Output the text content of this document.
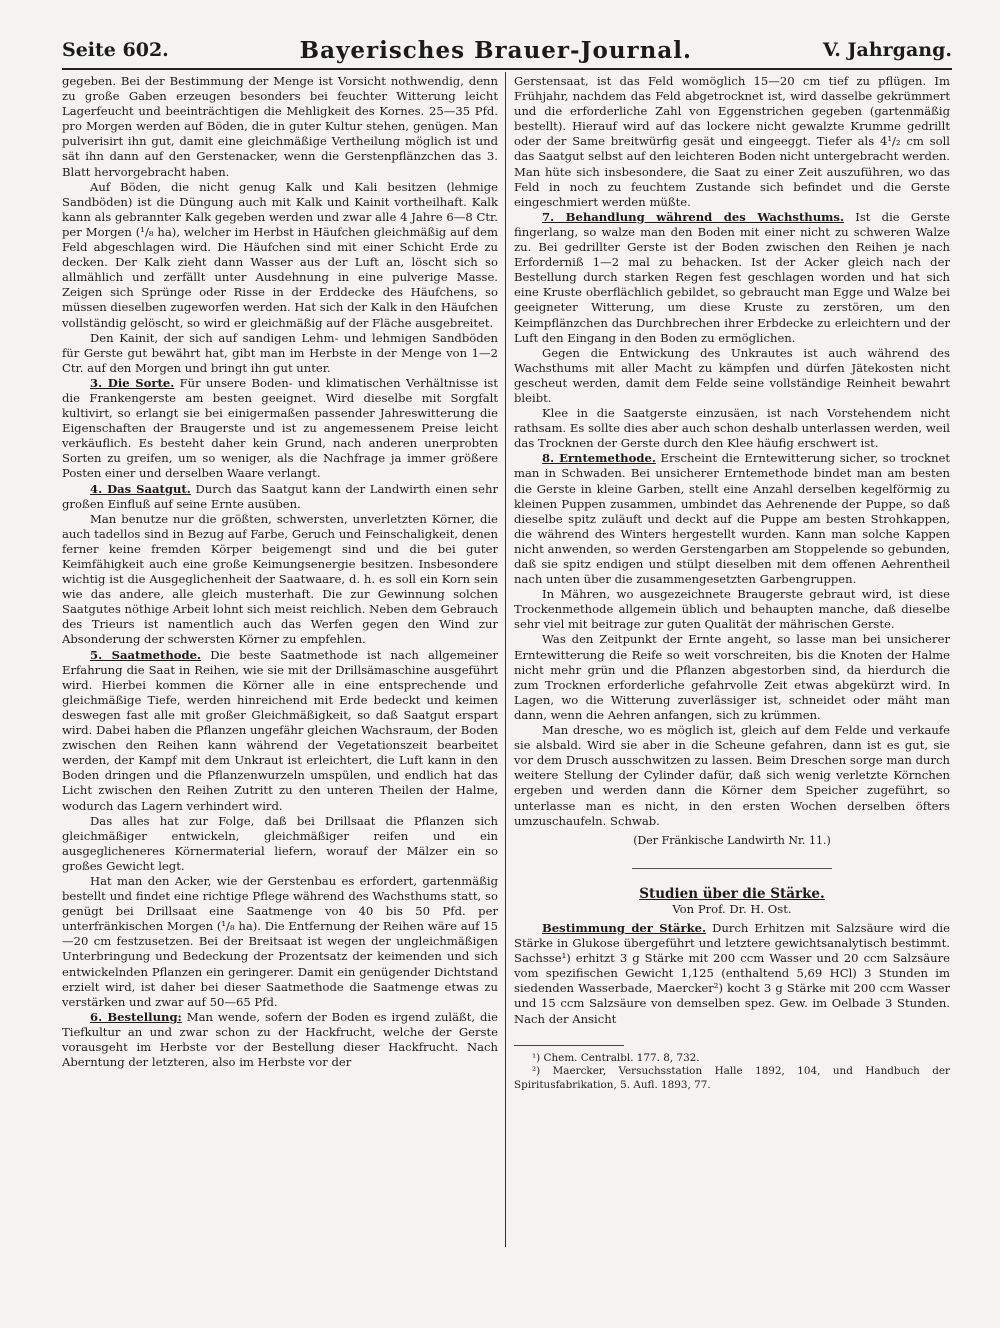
Seite 602.	Bayerisches Brauer-Journal.	V. Jahrgang.

gegeben. Bei der Bestimmung der Menge ist Vorsicht nothwendig, denn zu große Gaben erzeugen besonders bei feuchter Witterung leicht Lagerfeucht und beeinträchtigen die Mehligkeit des Kornes. 25—35 Pfd. pro Morgen werden auf Böden, die in guter Kultur stehen, genügen. Man pulverisirt ihn gut, damit eine gleichmäßige Vertheilung möglich ist und sät ihn dann auf den Gerstenacker, wenn die Gerstenpflänzchen das 3. Blatt hervorgebracht haben.

Auf Böden, die nicht genug Kalk und Kali besitzen (lehmige Sandböden) ist die Düngung auch mit Kalk und Kainit vortheilhaft. Kalk kann als gebrannter Kalk gegeben werden und zwar alle 4 Jahre 6—8 Ctr. per Morgen (¹/₈ ha), welcher im Herbst in Häufchen gleichmäßig auf dem Feld abgeschlagen wird. Die Häufchen sind mit einer Schicht Erde zu decken. Der Kalk zieht dann Wasser aus der Luft an, löscht sich so allmählich und zerfällt unter Ausdehnung in eine pulverige Masse. Zeigen sich Sprünge oder Risse in der Erddecke des Häufchens, so müssen dieselben zugeworfen werden. Hat sich der Kalk in den Häufchen vollständig gelöscht, so wird er gleichmäßig auf der Fläche ausgebreitet.

Den Kainit, der sich auf sandigen Lehm- und lehmigen Sandböden für Gerste gut bewährt hat, gibt man im Herbste in der Menge von 1—2 Ctr. auf den Morgen und bringt ihn gut unter.

3. Die Sorte. Für unsere Boden- und klimatischen Verhältnisse ist die Frankengerste am besten geeignet. Wird dieselbe mit Sorgfalt kultivirt, so erlangt sie bei einigermaßen passender Jahreswitterung die Eigenschaften der Braugerste und ist zu angemessenem Preise leicht verkäuflich. Es besteht daher kein Grund, nach anderen unerprobten Sorten zu greifen, um so weniger, als die Nachfrage ja immer größere Posten einer und derselben Waare verlangt.

4. Das Saatgut. Durch das Saatgut kann der Landwirth einen sehr großen Einfluß auf seine Ernte ausüben.

Man benutze nur die größten, schwersten, unverletzten Körner, die auch tadellos sind in Bezug auf Farbe, Geruch und Feinschaligkeit, denen ferner keine fremden Körper beigemengt sind und die bei guter Keimfähigkeit auch eine große Keimungsenergie besitzen. Insbesondere wichtig ist die Ausgeglichenheit der Saatwaare, d. h. es soll ein Korn sein wie das andere, alle gleich musterhaft. Die zur Gewinnung solchen Saatgutes nöthige Arbeit lohnt sich meist reichlich. Neben dem Gebrauch des Trieurs ist namentlich auch das Werfen gegen den Wind zur Absonderung der schwersten Körner zu empfehlen.

5. Saatmethode. Die beste Saatmethode ist nach allgemeiner Erfahrung die Saat in Reihen, wie sie mit der Drillsämaschine ausgeführt wird. Hierbei kommen die Körner alle in eine entsprechende und gleichmäßige Tiefe, werden hinreichend mit Erde bedeckt und keimen deswegen fast alle mit großer Gleichmäßigkeit, so daß Saatgut erspart wird. Dabei haben die Pflanzen ungefähr gleichen Wachsraum, der Boden zwischen den Reihen kann während der Vegetationszeit bearbeitet werden, der Kampf mit dem Unkraut ist erleichtert, die Luft kann in den Boden dringen und die Pflanzenwurzeln umspülen, und endlich hat das Licht zwischen den Reihen Zutritt zu den unteren Theilen der Halme, wodurch das Lagern verhindert wird.

Das alles hat zur Folge, daß bei Drillsaat die Pflanzen sich gleichmäßiger entwickeln, gleichmäßiger reifen und ein ausgeglicheneres Körnermaterial liefern, worauf der Mälzer ein so großes Gewicht legt.

Hat man den Acker, wie der Gerstenbau es erfordert, gartenmäßig bestellt und findet eine richtige Pflege während des Wachsthums statt, so genügt bei Drillsaat eine Saatmenge von 40 bis 50 Pfd. per unterfränkischen Morgen (¹/₈ ha). Die Entfernung der Reihen wäre auf 15—20 cm festzusetzen. Bei der Breitsaat ist wegen der ungleichmäßigen Unterbringung und Bedeckung der Prozentsatz der keimenden und sich entwickelnden Pflanzen ein geringerer. Damit ein genügender Dichtstand erzielt wird, ist daher bei dieser Saatmethode die Saatmenge etwas zu verstärken und zwar auf 50—65 Pfd.

6. Bestellung: Man wende, sofern der Boden es irgend zuläßt, die Tiefkultur an und zwar schon zu der Hackfrucht, welche der Gerste vorausgeht im Herbste vor der Bestellung dieser Hackfrucht. Nach Aberntung der letzteren, also im Herbste vor der

Gerstensaat, ist das Feld womöglich 15—20 cm tief zu pflügen. Im Frühjahr, nachdem das Feld abgetrocknet ist, wird dasselbe gekrümmert und die erforderliche Zahl von Eggenstrichen gegeben (gartenmäßig bestellt). Hierauf wird auf das lockere nicht gewalzte Krumme gedrillt oder der Same breitwürfig gesät und eingeeggt. Tiefer als 4¹/₂ cm soll das Saatgut selbst auf den leichteren Boden nicht untergebracht werden. Man hüte sich insbesondere, die Saat zu einer Zeit auszuführen, wo das Feld in noch zu feuchtem Zustande sich befindet und die Gerste eingeschmiert werden müßte.

7. Behandlung während des Wachsthums. Ist die Gerste fingerlang, so walze man den Boden mit einer nicht zu schweren Walze zu. Bei gedrillter Gerste ist der Boden zwischen den Reihen je nach Erforderniß 1—2 mal zu behacken. Ist der Acker gleich nach der Bestellung durch starken Regen fest geschlagen worden und hat sich eine Kruste oberflächlich gebildet, so gebraucht man Egge und Walze bei geeigneter Witterung, um diese Kruste zu zerstören, um den Keimpflänzchen das Durchbrechen ihrer Erbdecke zu erleichtern und der Luft den Eingang in den Boden zu ermöglichen.

Gegen die Entwickung des Unkrautes ist auch während des Wachsthums mit aller Macht zu kämpfen und dürfen Jätekosten nicht gescheut werden, damit dem Felde seine vollständige Reinheit bewahrt bleibt.

Klee in die Saatgerste einzusäen, ist nach Vorstehendem nicht rathsam. Es sollte dies aber auch schon deshalb unterlassen werden, weil das Trocknen der Gerste durch den Klee häufig erschwert ist.

8. Erntemethode. Erscheint die Erntewitterung sicher, so trocknet man in Schwaden. Bei unsicherer Erntemethode bindet man am besten die Gerste in kleine Garben, stellt eine Anzahl derselben kegelförmig zu kleinen Puppen zusammen, umbindet das Aehrenende der Puppe, so daß dieselbe spitz zuläuft und deckt auf die Puppe am besten Strohkappen, die während des Winters hergestellt wurden. Kann man solche Kappen nicht anwenden, so werden Gerstengarben am Stoppelende so gebunden, daß sie spitz endigen und stülpt dieselben mit dem offenen Aehrentheil nach unten über die zusammengesetzten Garbengruppen.

In Mähren, wo ausgezeichnete Braugerste gebraut wird, ist diese Trockenmethode allgemein üblich und behaupten manche, daß dieselbe sehr viel mit beitrage zur guten Qualität der mährischen Gerste.

Was den Zeitpunkt der Ernte angeht, so lasse man bei unsicherer Erntewitterung die Reife so weit vorschreiten, bis die Knoten der Halme nicht mehr grün und die Pflanzen abgestorben sind, da hierdurch die zum Trocknen erforderliche gefahrvolle Zeit etwas abgekürzt wird. In Lagen, wo die Witterung zuverlässiger ist, schneidet oder mäht man dann, wenn die Aehren anfangen, sich zu krümmen.

Man dresche, wo es möglich ist, gleich auf dem Felde und verkaufe sie alsbald. Wird sie aber in die Scheune gefahren, dann ist es gut, sie vor dem Drusch ausschwitzen zu lassen. Beim Dreschen sorge man durch weitere Stellung der Cylinder dafür, daß sich wenig verletzte Körnchen ergeben und werden dann die Körner dem Speicher zugeführt, so unterlasse man es nicht, in den ersten Wochen derselben öfters umzuschaufeln. Schwab.

(Der Fränkische Landwirth Nr. 11.)

Studien über die Stärke.

Von Prof. Dr. H. Ost.

Bestimmung der Stärke. Durch Erhitzen mit Salzsäure wird die Stärke in Glukose übergeführt und letztere gewichtsanalytisch bestimmt. Sachsse¹) erhitzt 3 g Stärke mit 200 ccm Wasser und 20 ccm Salzsäure vom spezifischen Gewicht 1,125 (enthaltend 5,69 HCl) 3 Stunden im siedenden Wasserbade, Maercker²) kocht 3 g Stärke mit 200 ccm Wasser und 15 ccm Salzsäure von demselben spez. Gew. im Oelbade 3 Stunden. Nach der Ansicht

¹) Chem. Centralbl. 177. 8, 732.

²) Maercker, Versuchsstation Halle 1892, 104, und Handbuch der Spiritusfabrikation, 5. Aufl. 1893, 77.
